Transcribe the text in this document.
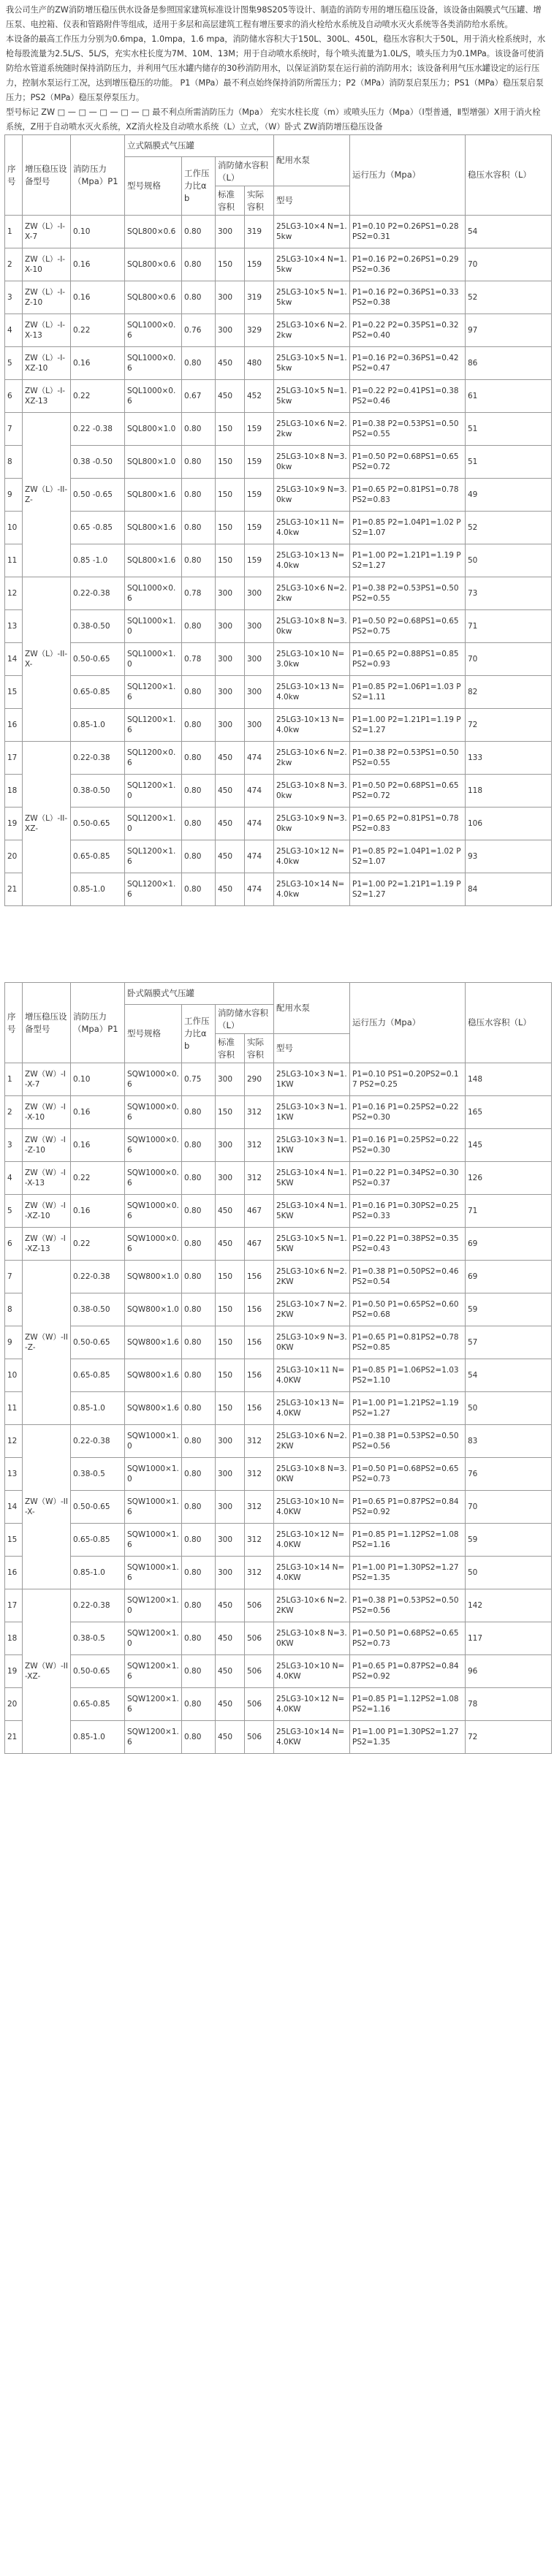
我公司生产的ZW消防增压稳压供水设备是参照国家建筑标准设计图集98S205等设计、制造的消防专用的增压稳压设备，该设备由隔膜式气压罐、增压泵、电控箱、仪表和管路附件等组成，适用于多层和高层建筑工程有增压要求的消火栓给水系统及自动喷水灭火系统等各类消防给水系统。

本设备的最高工作压力分别为0.6mpa，1.0mpa，1.6 mpa，消防储水容积大于150L、300L、450L，稳压水容积大于50L，用于消火栓系统时，水枪每股流量为2.5L/S、5L/S，充实水柱长度为7M、10M、13M；用于自动喷水系统时，每个喷头流量为1.0L/S，喷头压力为0.1MPa。该设备可使消防给水管道系统随时保持消防压力，并利用气压水罐内储存的30秒消防用水，以保证消防泵在运行前的消防用水；该设备利用气压水罐设定的运行压力，控制水泵运行工况，达到增压稳压的功能。 P1（MPa）最不利点始终保持消防所需压力；P2（MPa）消防泵启泵压力；PS1（MPa）稳压泵启泵压力；PS2（MPa）稳压泵停泵压力。

型号标记 ZW □ — □ — □ — □ — □ 最不利点所需消防压力（Mpa） 充实水柱长度（m）或喷头压力（Mpa）（Ⅰ型普通，Ⅱ型增强）X用于消火栓系统，Z用于自动喷水灭火系统，XZ消火栓及自动喷水系统（L）立式，（W）卧式 ZW消防增压稳压设备

序号	增压稳压设备型号	消防压力（Mpa）P1	立式隔膜式气压罐				配用水泵	运行压力（Mpa）	稳压水容积（L）
			型号规格	工作压力比α b	消防储水容积（L）				
					标准容积	实际容积	型号		
1	ZW（L）-I-X-7	0.10	SQL800×0.6	0.80	300	319	25LG3-10×4 N=1.5kw	P1=0.10 P2=0.26PS1=0.28 PS2=0.31	54
2	ZW（L）-I-X-10	0.16	SQL800×0.6	0.80	150	159	25LG3-10×4 N=1.5kw	P1=0.16 P2=0.26PS1=0.29 PS2=0.36	70
3	ZW（L）-I-Z-10	0.16	SQL800×0.6	0.80	300	319	25LG3-10×5 N=1.5kw	P1=0.16 P2=0.36PS1=0.33 PS2=0.38	52
4	ZW（L）-I-X-13	0.22	SQL1000×0.6	0.76	300	329	25LG3-10×6 N=2.2kw	P1=0.22 P2=0.35PS1=0.32 PS2=0.40	97
5	ZW（L）-I-XZ-10	0.16	SQL1000×0.6	0.80	450	480	25LG3-10×5 N=1.5kw	P1=0.16 P2=0.36PS1=0.42 PS2=0.47	86
6	ZW（L）-I-XZ-13	0.22	SQL1000×0.6	0.67	450	452	25LG3-10×5 N=1.5kw	P1=0.22 P2=0.41PS1=0.38 PS2=0.46	61
7	ZW（L）-II-Z-	0.22 -0.38	SQL800×1.0	0.80	150	159	25LG3-10×6 N=2.2kw	P1=0.38 P2=0.53PS1=0.50 PS2=0.55	51
8		0.38 -0.50	SQL800×1.0	0.80	150	159	25LG3-10×8 N=3.0kw	P1=0.50 P2=0.68PS1=0.65 PS2=0.72	51
9		0.50 -0.65	SQL800×1.6	0.80	150	159	25LG3-10×9 N=3.0kw	P1=0.65 P2=0.81PS1=0.78 PS2=0.83	49
10		0.65 -0.85	SQL800×1.6	0.80	150	159	25LG3-10×11 N=4.0kw	P1=0.85 P2=1.04P1=1.02 PS2=1.07	52
11		0.85 -1.0	SQL800×1.6	0.80	150	159	25LG3-10×13 N=4.0kw	P1=1.00 P2=1.21P1=1.19 PS2=1.27	50
12	ZW（L）-II-X-	0.22-0.38	SQL1000×0.6	0.78	300	300	25LG3-10×6 N=2.2kw	P1=0.38 P2=0.53PS1=0.50 PS2=0.55	73
13		0.38-0.50	SQL1000×1.0	0.80	300	300	25LG3-10×8 N=3.0kw	P1=0.50 P2=0.68PS1=0.65 PS2=0.75	71
14		0.50-0.65	SQL1000×1.0	0.78	300	300	25LG3-10×10 N=3.0kw	P1=0.65 P2=0.88PS1=0.85 PS2=0.93	70
15		0.65-0.85	SQL1200×1.6	0.80	300	300	25LG3-10×13 N=4.0kw	P1=0.85 P2=1.06P1=1.03 PS2=1.11	82
16		0.85-1.0	SQL1200×1.6	0.80	300	300	25LG3-10×13 N=4.0kw	P1=1.00 P2=1.21P1=1.19 PS2=1.27	72
17	ZW（L）-II-XZ-	0.22-0.38	SQL1200×0.6	0.80	450	474	25LG3-10×6 N=2.2kw	P1=0.38 P2=0.53PS1=0.50 PS2=0.55	133
18		0.38-0.50	SQL1200×1.0	0.80	450	474	25LG3-10×8 N=3.0kw	P1=0.50 P2=0.68PS1=0.65 PS2=0.72	118
19		0.50-0.65	SQL1200×1.0	0.80	450	474	25LG3-10×9 N=3.0kw	P1=0.65 P2=0.81PS1=0.78 PS2=0.83	106
20		0.65-0.85	SQL1200×1.6	0.80	450	474	25LG3-10×12 N=4.0kw	P1=0.85 P2=1.04P1=1.02 PS2=1.07	93
21		0.85-1.0	SQL1200×1.6	0.80	450	474	25LG3-10×14 N=4.0kw	P1=1.00 P2=1.21P1=1.19 PS2=1.27	84
序号	增压稳压设备型号	消防压力（Mpa）P1	卧式隔膜式气压罐				配用水泵	运行压力（Mpa）	稳压水容积（L）
			型号规格	工作压力比α b	消防储水容积（L）				
					标准容积	实际容积	型号		
1	ZW（W）-I-X-7	0.10	SQW1000×0.6	0.75	300	290	25LG3-10×3 N=1.1KW	P1=0.10 PS1=0.20PS2=0.17 PS2=0.25	148
2	ZW（W）-I-X-10	0.16	SQW1000×0.6	0.80	150	312	25LG3-10×3 N=1.1KW	P1=0.16 P1=0.25PS2=0.22 PS2=0.30	165
3	ZW（W）-I-Z-10	0.16	SQW1000×0.6	0.80	300	312	25LG3-10×3 N=1.1KW	P1=0.16 P1=0.25PS2=0.22 PS2=0.30	145
4	ZW（W）-I-X-13	0.22	SQW1000×0.6	0.80	300	312	25LG3-10×4 N=1.5KW	P1=0.22 P1=0.34PS2=0.30 PS2=0.37	126
5	ZW（W）-I-XZ-10	0.16	SQW1000×0.6	0.80	450	467	25LG3-10×4 N=1.5KW	P1=0.16 P1=0.30PS2=0.25 PS2=0.33	71
6	ZW（W）-I-XZ-13	0.22	SQW1000×0.6	0.80	450	467	25LG3-10×5 N=1.5KW	P1=0.22 P1=0.38PS2=0.35 PS2=0.43	69
7	ZW（W）-II-Z-	0.22-0.38	SQW800×1.0	0.80	150	156	25LG3-10×6 N=2.2KW	P1=0.38 P1=0.50PS2=0.46 PS2=0.54	69
8		0.38-0.50	SQW800×1.0	0.80	150	156	25LG3-10×7 N=2.2KW	P1=0.50 P1=0.65PS2=0.60 PS2=0.68	59
9		0.50-0.65	SQW800×1.6	0.80	150	156	25LG3-10×9 N=3.0KW	P1=0.65 P1=0.81PS2=0.78 PS2=0.85	57
10		0.65-0.85	SQW800×1.6	0.80	150	156	25LG3-10×11 N=4.0KW	P1=0.85 P1=1.06PS2=1.03 PS2=1.10	54
11		0.85-1.0	SQW800×1.6	0.80	150	156	25LG3-10×13 N=4.0KW	P1=1.00 P1=1.21PS2=1.19 PS2=1.27	50
12	ZW（W）-II-X-	0.22-0.38	SQW1000×1.0	0.80	300	312	25LG3-10×6 N=2.2KW	P1=0.38 P1=0.53PS2=0.50 PS2=0.56	83
13		0.38-0.5	SQW1000×1.0	0.80	300	312	25LG3-10×8 N=3.0KW	P1=0.50 P1=0.68PS2=0.65 PS2=0.73	76
14		0.50-0.65	SQW1000×1.6	0.80	300	312	25LG3-10×10 N=4.0KW	P1=0.65 P1=0.87PS2=0.84 PS2=0.92	70
15		0.65-0.85	SQW1000×1.6	0.80	300	312	25LG3-10×12 N=4.0KW	P1=0.85 P1=1.12PS2=1.08 PS2=1.16	59
16		0.85-1.0	SQW1000×1.6	0.80	300	312	25LG3-10×14 N=4.0KW	P1=1.00 P1=1.30PS2=1.27 PS2=1.35	50
17	ZW（W）-II-XZ-	0.22-0.38	SQW1200×1.0	0.80	450	506	25LG3-10×6 N=2.2KW	P1=0.38 P1=0.53PS2=0.50 PS2=0.56	142
18		0.38-0.5	SQW1200×1.0	0.80	450	506	25LG3-10×8 N=3.0KW	P1=0.50 P1=0.68PS2=0.65 PS2=0.73	117
19		0.50-0.65	SQW1200×1.6	0.80	450	506	25LG3-10×10 N=4.0KW	P1=0.65 P1=0.87PS2=0.84 PS2=0.92	96
20		0.65-0.85	SQW1200×1.6	0.80	450	506	25LG3-10×12 N=4.0KW	P1=0.85 P1=1.12PS2=1.08 PS2=1.16	78
21		0.85-1.0	SQW1200×1.6	0.80	450	506	25LG3-10×14 N=4.0KW	P1=1.00 P1=1.30PS2=1.27 PS2=1.35	72
